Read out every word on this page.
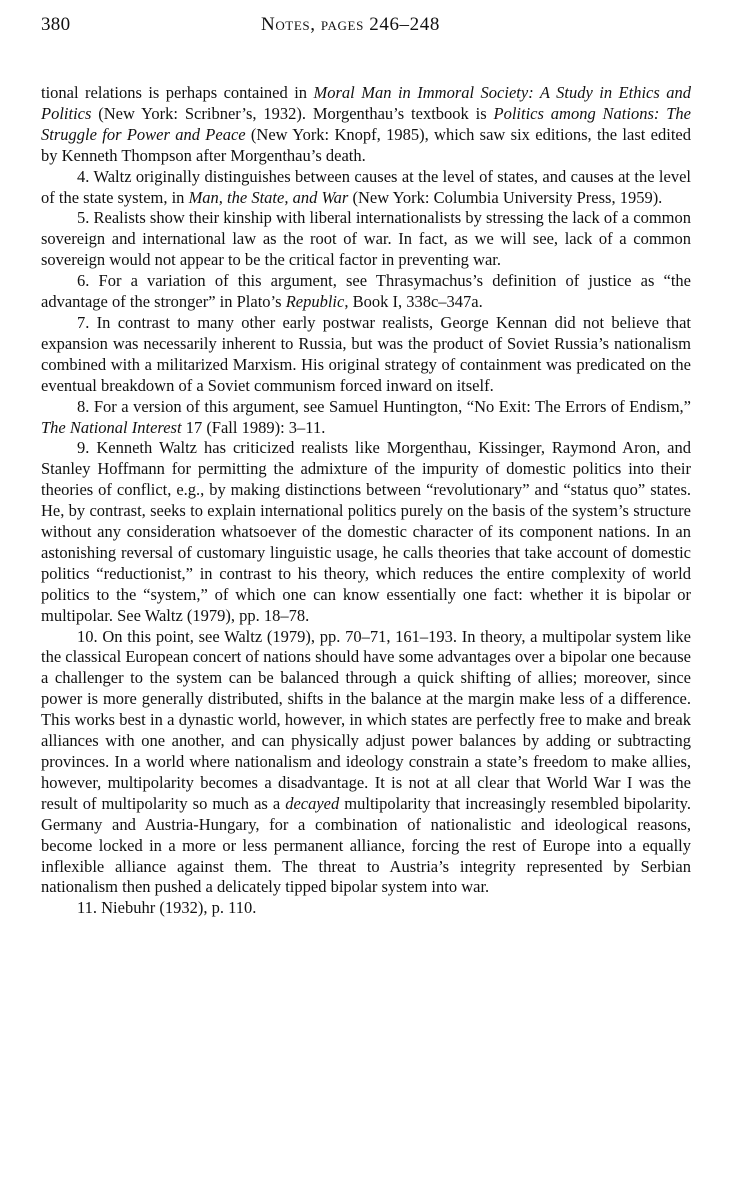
380	Notes, pages 246–248

tional relations is perhaps contained in Moral Man in Immoral Society: A Study in Ethics and Politics (New York: Scribner’s, 1932). Morgenthau’s textbook is Politics among Nations: The Struggle for Power and Peace (New York: Knopf, 1985), which saw six editions, the last edited by Kenneth Thompson after Morgenthau’s death.

4. Waltz originally distinguishes between causes at the level of states, and causes at the level of the state system, in Man, the State, and War (New York: Columbia University Press, 1959).

5. Realists show their kinship with liberal internationalists by stressing the lack of a common sovereign and international law as the root of war. In fact, as we will see, lack of a common sovereign would not appear to be the critical factor in preventing war.

6. For a variation of this argument, see Thrasymachus’s definition of justice as “the advantage of the stronger” in Plato’s Republic, Book I, 338c–347a.

7. In contrast to many other early postwar realists, George Kennan did not believe that expansion was necessarily inherent to Russia, but was the product of Soviet Russia’s nationalism combined with a militarized Marxism. His original strategy of containment was predicated on the eventual breakdown of a Soviet communism forced inward on itself.

8. For a version of this argument, see Samuel Huntington, “No Exit: The Errors of Endism,” The National Interest 17 (Fall 1989): 3–11.

9. Kenneth Waltz has criticized realists like Morgenthau, Kissinger, Raymond Aron, and Stanley Hoffmann for permitting the admixture of the impurity of domestic politics into their theories of conflict, e.g., by making distinctions between “revolutionary” and “status quo” states. He, by contrast, seeks to explain international politics purely on the basis of the system’s structure without any consideration whatsoever of the domestic character of its component nations. In an astonishing reversal of customary linguistic usage, he calls theories that take account of domestic politics “reductionist,” in contrast to his theory, which reduces the entire complexity of world politics to the “system,” of which one can know essentially one fact: whether it is bipolar or multipolar. See Waltz (1979), pp. 18–78.

10. On this point, see Waltz (1979), pp. 70–71, 161–193. In theory, a multipolar system like the classical European concert of nations should have some advantages over a bipolar one because a challenger to the system can be balanced through a quick shifting of allies; moreover, since power is more generally distributed, shifts in the balance at the margin make less of a difference. This works best in a dynastic world, however, in which states are perfectly free to make and break alliances with one another, and can physically adjust power balances by adding or subtracting provinces. In a world where nationalism and ideology constrain a state’s freedom to make allies, however, multipolarity becomes a disadvantage. It is not at all clear that World War I was the result of multipolarity so much as a decayed multipolarity that increasingly resembled bipolarity. Germany and Austria-Hungary, for a combination of nationalistic and ideological reasons, become locked in a more or less permanent alliance, forcing the rest of Europe into a equally inflexible alliance against them. The threat to Austria’s integrity represented by Serbian nationalism then pushed a delicately tipped bipolar system into war.

11. Niebuhr (1932), p. 110.
